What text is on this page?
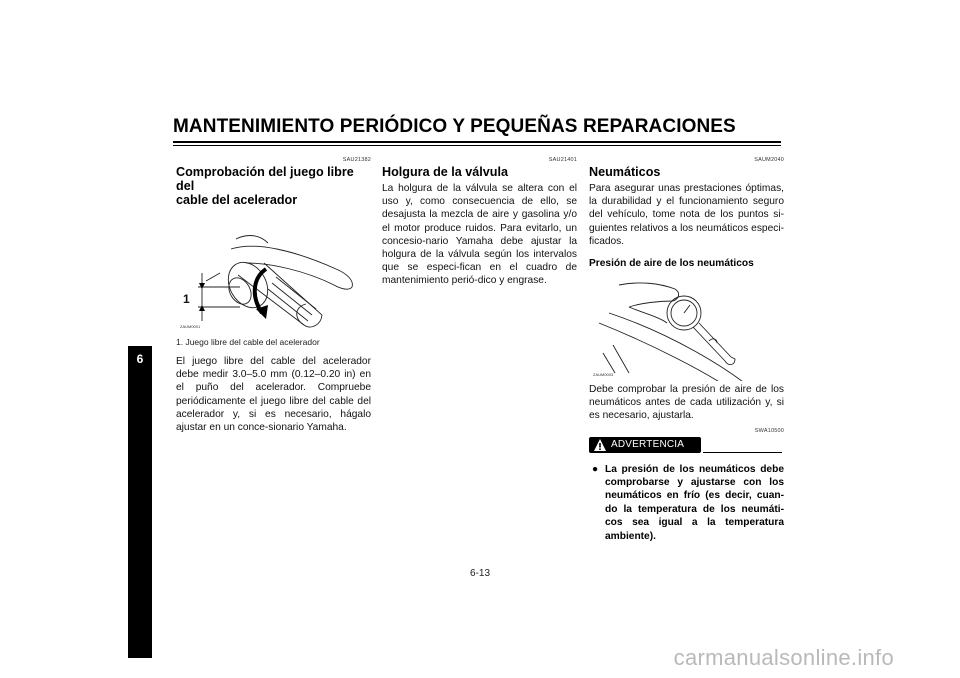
MANTENIMIENTO PERIÓDICO Y PEQUEÑAS REPARACIONES
6
SAU21382
Comprobación del juego libre del
cable del acelerador
1
ZAUM0001
1. Juego libre del cable del acelerador

El juego libre del cable del acelerador debe medir 3.0–5.0 mm (0.12–0.20 in) en el puño del acelerador. Compruebe periódicamente el juego libre del cable del acelerador y, si es necesario, hágalo ajustar en un conce-sionario Yamaha.

SAU21401
Holgura de la válvula

La holgura de la válvula se altera con el uso y, como consecuencia de ello, se desajusta la mezcla de aire y gasolina y/o el motor produce ruidos. Para evitarlo, un concesio-nario Yamaha debe ajustar la holgura de la válvula según los intervalos que se especi-fican en el cuadro de mantenimiento perió-dico y engrase.

SAUM2040
Neumáticos

Para asegurar unas prestaciones óptimas, la durabilidad y el funcionamiento seguro del vehículo, tome nota de los puntos si-guientes relativos a los neumáticos especi-ficados.

Presión de aire de los neumáticos
ZAUM0003

Debe comprobar la presión de aire de los neumáticos antes de cada utilización y, si es necesario, ajustarla.

SWA10500
ADVERTENCIA
● La presión de los neumáticos debe comprobarse y ajustarse con los neumáticos en frío (es decir, cuan-do la temperatura de los neumáti-cos sea igual a la temperatura ambiente).
6-13
carmanualsonline.info
